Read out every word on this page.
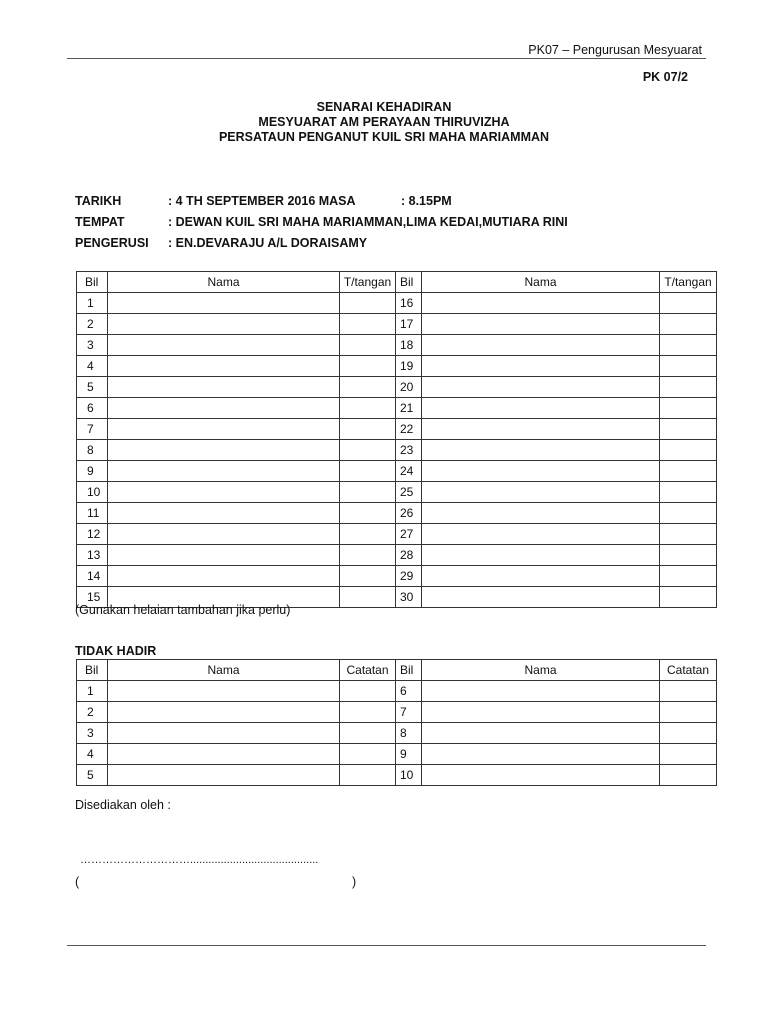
PK07 – Pengurusan Mesyuarat
PK 07/2
SENARAI KEHADIRAN
MESYUARAT AM PERAYAAN THIRUVIZHA
PERSATAUN PENGANUT KUIL SRI MAHA MARIAMMAN
TARIKH	: 4 TH SEPTEMBER 2016 MASA	: 8.15PM
TEMPAT	: DEWAN KUIL SRI MAHA MARIAMMAN,LIMA KEDAI,MUTIARA RINI
PENGERUSI : EN.DEVARAJU A/L DORAISAMY
Bil	Nama	T/tangan	Bil	Nama	T/tangan
1			16		
2			17		
3			18		
4			19		
5			20		
6			21		
7			22		
8			23		
9			24		
10			25		
11			26		
12			27		
13			28		
14			29		
15			30		
(Gunakan helaian tambahan jika perlu)
TIDAK HADIR
Bil	Nama	Catatan	Bil	Nama	Catatan
1			6		
2			7		
3			8		
4			9		
5			10		
Disediakan oleh :
…………………………..........................................
(	)
